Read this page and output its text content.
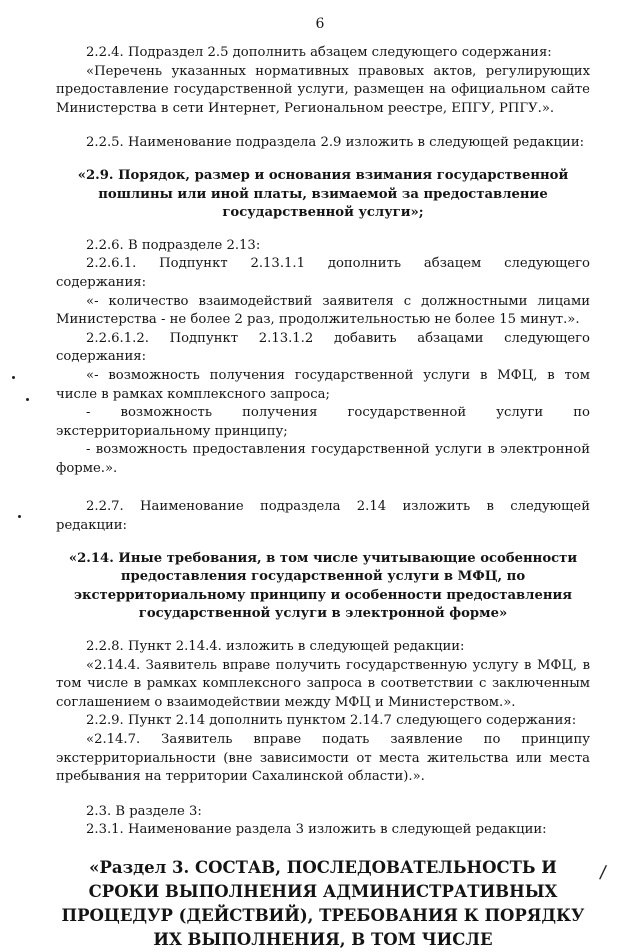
6

2.2.4. Подраздел 2.5 дополнить абзацем следующего содержания:

«Перечень указанных нормативных правовых актов, регулирующих предоставление государственной услуги, размещен на официальном сайте Министерства в сети Интернет, Региональном реестре, ЕПГУ, РПГУ.».

2.2.5. Наименование подраздела 2.9 изложить в следующей редакции:

«2.9. Порядок, размер и основания взимания государственной пошлины или иной платы, взимаемой за предоставление государственной услуги»;

2.2.6. В подразделе 2.13:

2.2.6.1. Подпункт 2.13.1.1 дополнить абзацем следующего содержания:

«- количество взаимодействий заявителя с должностными лицами Министерства - не более 2 раз, продолжительностью не более 15 минут.».

2.2.6.1.2. Подпункт 2.13.1.2 добавить абзацами следующего содержания:

«- возможность получения государственной услуги в МФЦ, в том числе в рамках комплексного запроса;

- возможность получения государственной услуги по экстерриториальному принципу;

- возможность предоставления государственной услуги в электронной форме.».

2.2.7. Наименование подраздела 2.14 изложить в следующей редакции:

«2.14. Иные требования, в том числе учитывающие особенности предоставления государственной услуги в МФЦ, по экстерриториальному принципу и особенности предоставления государственной услуги в электронной форме»

2.2.8. Пункт 2.14.4. изложить в следующей редакции:

«2.14.4. Заявитель вправе получить государственную услугу в МФЦ, в том числе в рамках комплексного запроса в соответствии с заключенным соглашением о взаимодействии между МФЦ и Министерством.».

2.2.9. Пункт 2.14 дополнить пунктом 2.14.7 следующего содержания:

«2.14.7. Заявитель вправе подать заявление по принципу экстерриториальности (вне зависимости от места жительства или места пребывания на территории Сахалинской области).».

2.3. В разделе 3:

2.3.1. Наименование раздела 3 изложить в следующей редакции:

«Раздел 3. СОСТАВ, ПОСЛЕДОВАТЕЛЬНОСТЬ И СРОКИ ВЫПОЛНЕНИЯ АДМИНИСТРАТИВНЫХ ПРОЦЕДУР (ДЕЙСТВИЙ), ТРЕБОВАНИЯ К ПОРЯДКУ ИХ ВЫПОЛНЕНИЯ, В ТОМ ЧИСЛЕ

/
